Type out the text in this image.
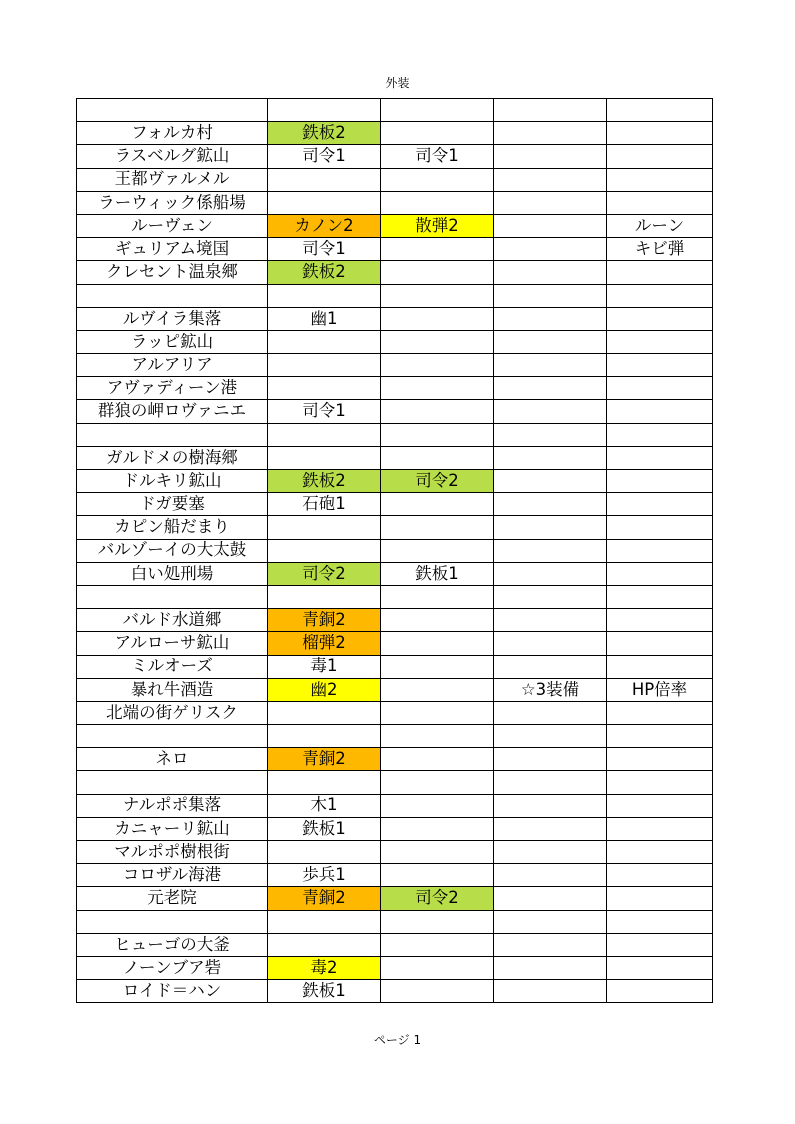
外装

フォルカ村	鉄板2			
ラスベルグ鉱山	司令1	司令1		
王都ヴァルメル				
ラーウィック係船場				
ルーヴェン	カノン2	散弾2		ルーン
ギュリアム境国	司令1			キビ弾
クレセント温泉郷	鉄板2			

ルヴイラ集落	幽1			
ラッピ鉱山				
アルアリア				
アヴァディーン港				
群狼の岬ロヴァニエ	司令1			

ガルドメの樹海郷				
ドルキリ鉱山	鉄板2	司令2		
ドガ要塞	石砲1			
カピン船だまり				
バルゾーイの大太鼓				
白い処刑場	司令2	鉄板1		

バルド水道郷	青銅2			
アルローサ鉱山	榴弾2			
ミルオーズ	毒1			
暴れ牛酒造	幽2		☆3装備	HP倍率
北端の街ゲリスク				

ネロ	青銅2			

ナルポポ集落	木1			
カニャーリ鉱山	鉄板1			
マルポポ樹根街				
コロザル海港	歩兵1			
元老院	青銅2	司令2		

ヒューゴの大釜				
ノーンブア砦	毒2			
ロイド＝ハン	鉄板1			
ページ 1
